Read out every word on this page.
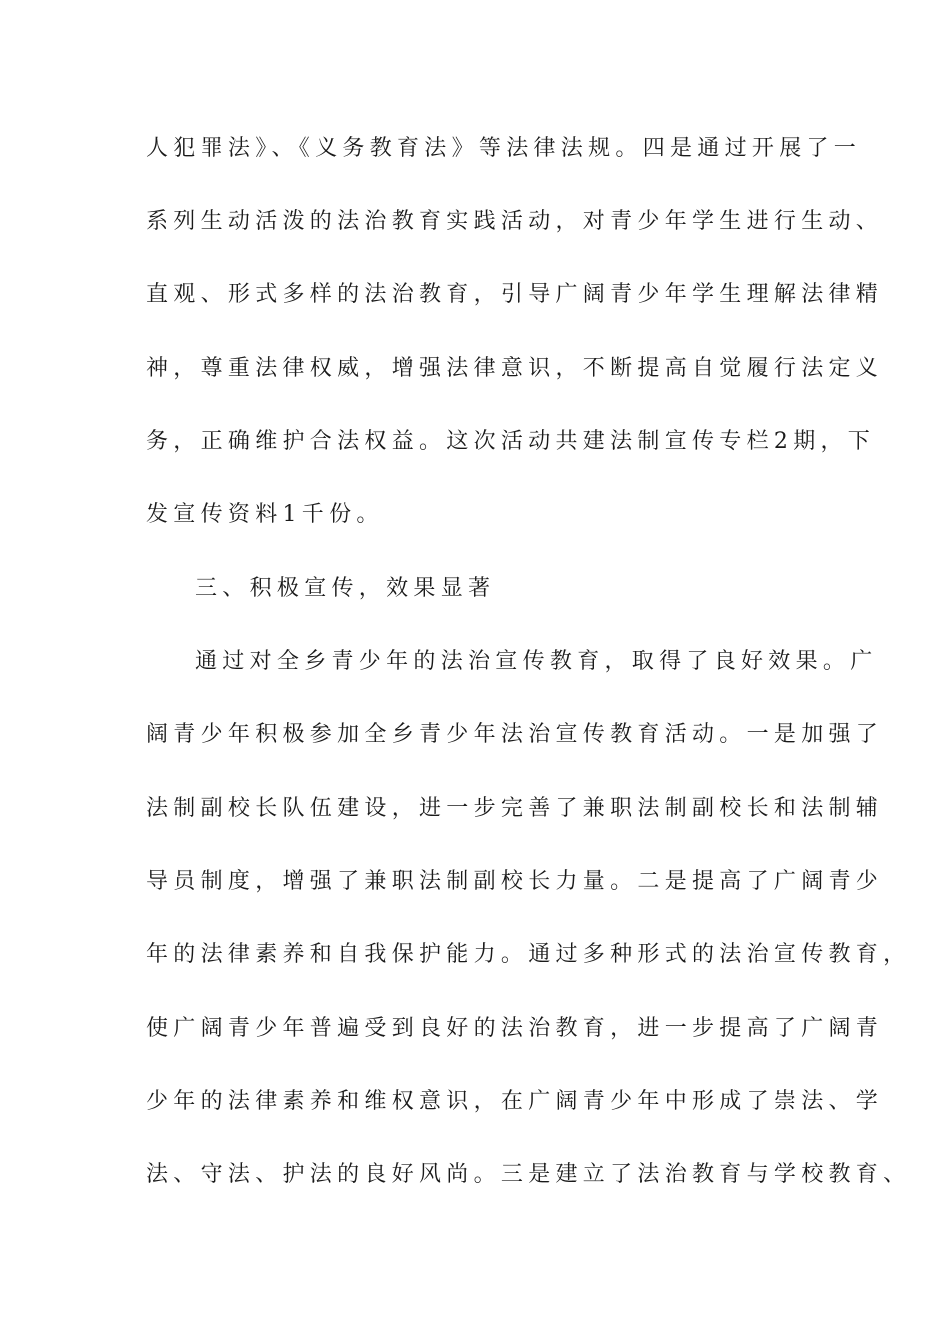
人犯罪法》、《义务教育法》等法律法规。四是通过开展了一
系列生动活泼的法治教育实践活动，对青少年学生进行生动、
直观、形式多样的法治教育，引导广阔青少年学生理解法律精
神，尊重法律权威，增强法律意识，不断提高自觉履行法定义
务，正确维护合法权益。这次活动共建法制宣传专栏2期，下
发宣传资料1千份。
三、积极宣传，效果显著
通过对全乡青少年的法治宣传教育，取得了良好效果。广
阔青少年积极参加全乡青少年法治宣传教育活动。一是加强了
法制副校长队伍建设，进一步完善了兼职法制副校长和法制辅
导员制度，增强了兼职法制副校长力量。二是提高了广阔青少
年的法律素养和自我保护能力。通过多种形式的法治宣传教育，
使广阔青少年普遍受到良好的法治教育，进一步提高了广阔青
少年的法律素养和维权意识，在广阔青少年中形成了崇法、学
法、守法、护法的良好风尚。三是建立了法治教育与学校教育、
